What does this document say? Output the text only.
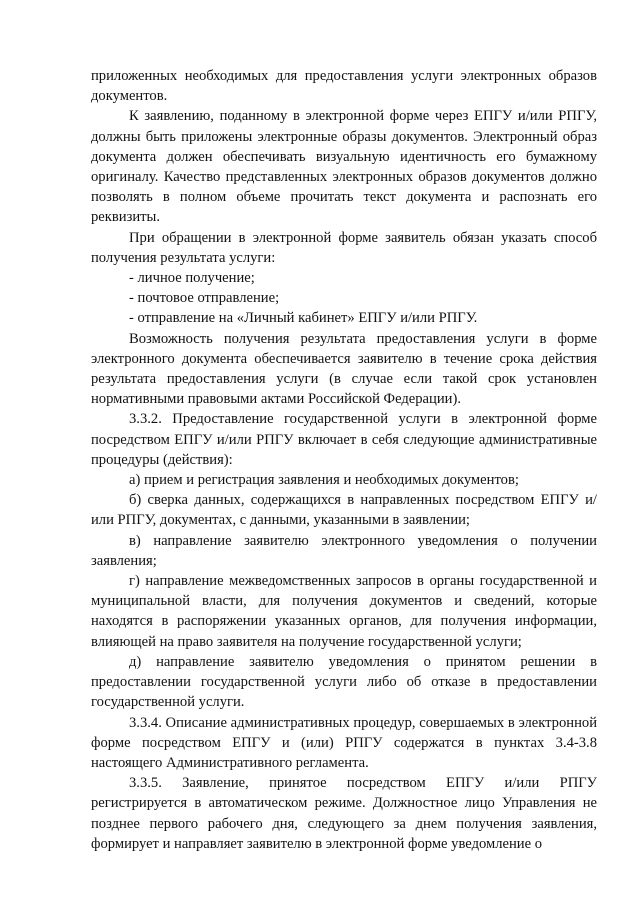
приложенных необходимых для предоставления услуги электронных образов документов.

К заявлению, поданному в электронной форме через ЕПГУ и/или РПГУ, должны быть приложены электронные образы документов. Электронный образ документа должен обеспечивать визуальную идентичность его бумажному оригиналу. Качество представленных электронных образов документов должно позволять в полном объеме прочитать текст документа и распознать его реквизиты.

При обращении в электронной форме заявитель обязан указать способ получения результата услуги:

- личное получение;

- почтовое отправление;

- отправление на «Личный кабинет» ЕПГУ и/или РПГУ.

Возможность получения результата предоставления услуги в форме электронного документа обеспечивается заявителю в течение срока действия результата предоставления услуги (в случае если такой срок установлен нормативными правовыми актами Российской Федерации).

3.3.2. Предоставление государственной услуги в электронной форме посредством ЕПГУ и/или РПГУ включает в себя следующие административные процедуры (действия):

а) прием и регистрация заявления и необходимых документов;

б) сверка данных, содержащихся в направленных посредством ЕПГУ и/или РПГУ, документах, с данными, указанными в заявлении;

в) направление заявителю электронного уведомления о получении заявления;

г) направление межведомственных запросов в органы государственной и муниципальной власти, для получения документов и сведений, которые находятся в распоряжении указанных органов, для получения информации, влияющей на право заявителя на получение государственной услуги;

д) направление заявителю уведомления о принятом решении в предоставлении государственной услуги либо об отказе в предоставлении государственной услуги.

3.3.4. Описание административных процедур, совершаемых в электронной форме посредством ЕПГУ и (или) РПГУ содержатся в пунктах 3.4-3.8 настоящего Административного регламента.

3.3.5. Заявление, принятое посредством ЕПГУ и/или РПГУ регистрируется в автоматическом режиме. Должностное лицо Управления не позднее первого рабочего дня, следующего за днем получения заявления, формирует и направляет заявителю в электронной форме уведомление о
